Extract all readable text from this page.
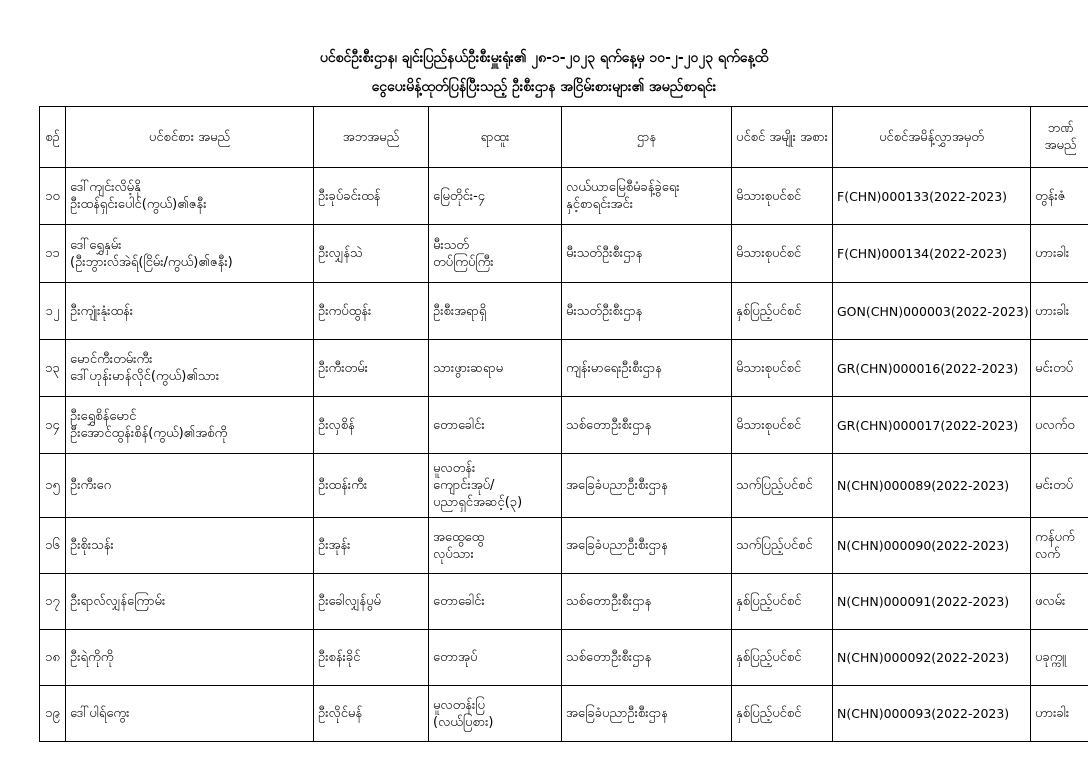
ပင်စင်ဦးစီးဌာန၊ ချင်းပြည်နယ်ဦးစီးမှူးရုံး၏ ၂၈-၁-၂၀၂၃ ရက်နေ့မှ ၁၀-၂-၂၀၂၃ ရက်နေ့ထိ
ငွေပေးမိန့်ထုတ်ပြန်ပြီးသည့် ဦးစီးဌာန အငြိမ်းစားများ၏ အမည်စာရင်း
စဉ်	ပင်စင်စား အမည်	အဘအမည်	ရာထူး	ဌာန	ပင်စင် အမျိုး အစား	ပင်စင်အမိန့်လွှာအမှတ်	ဘဏ် အမည်
၁၀	ဒေါ်ကျင်းလိမ့်နို
ဦးထန်ရှင်းပေါင်(ကွယ်)၏ဇနီး	ဦးခုပ်ခင်းထန်	မြေတိုင်း-၄	လယ်ယာမြေစီမံခန့်ခွဲရေး
နှင့်စာရင်းအင်း	မိသားစုပင်စင်	F(CHN)000133(2022-2023)	တွန်းဇံ

၁၁	ဒေါ်ရွှေနှမ်း
(ဦးဘွားလ်အဲရ်(ငြိမ်း/ကွယ်)၏ဇနီး)	ဦးလျှန်သဲ	မီးသတ်
တပ်ကြပ်ကြီး	မီးသတ်ဦးစီးဌာန	မိသားစုပင်စင်	F(CHN)000134(2022-2023)	ဟားခါး

၁၂	ဦးကျုံးနုံးထန်း	ဦးကပ်ထွန်း	ဦးစီးအရာရှိ	မီးသတ်ဦးစီးဌာန	နှစ်ပြည့်ပင်စင်	GON(CHN)000003(2022-2023)	ဟားခါး

၁၃	မောင်ကီးတမ်းကီး
ဒေါ်ဟုန်းမာန်လိုင်(ကွယ်)၏သား	ဦးကီးတမ်း	သားဖွားဆရာမ	ကျန်းမာရေးဦးစီးဌာန	မိသားစုပင်စင်	GR(CHN)000016(2022-2023)	မင်းတပ်

၁၄	ဦးရွှေစိန်မောင်
ဦးအောင်ထွန်းစိန်(ကွယ်)၏အစ်ကို	ဦးလှစိန်	တောခေါင်း	သစ်တောဦးစီးဌာန	မိသားစုပင်စင်	GR(CHN)000017(2022-2023)	ပလက်ဝ

၁၅	ဦးကီးဂေ	ဦးထန်းကီး	မူလတန်း
ကျောင်းအုပ်/
ပညာရှင်အဆင့်(၃)	အခြေခံပညာဦးစီးဌာန	သက်ပြည့်ပင်စင်	N(CHN)000089(2022-2023)	မင်းတပ်

၁၆	ဦးစိုးသန်း	ဦးအုန်း	အထွေထွေ
လုပ်သား	အခြေခံပညာဦးစီးဌာန	သက်ပြည့်ပင်စင်	N(CHN)000090(2022-2023)	ကန်ပက်
လက်

၁၇	ဦးရာလ်လျှန်ကြောမ်း	ဦးခေါလျှန်ပွမ်	တောခေါင်း	သစ်တောဦးစီးဌာန	နှစ်ပြည့်ပင်စင်	N(CHN)000091(2022-2023)	ဖလမ်း

၁၈	ဦးရဲကိုကို	ဦးစန်းခိုင်	တောအုပ်	သစ်တောဦးစီးဌာန	နှစ်ပြည့်ပင်စင်	N(CHN)000092(2022-2023)	ပခုက္ကူ

၁၉	ဒေါ်ပါရ်ကွေး	ဦးလိုင်မန်	မူလတန်းပြ
(လယ်ပြစား)	အခြေခံပညာဦးစီးဌာန	နှစ်ပြည့်ပင်စင်	N(CHN)000093(2022-2023)	ဟားခါး
